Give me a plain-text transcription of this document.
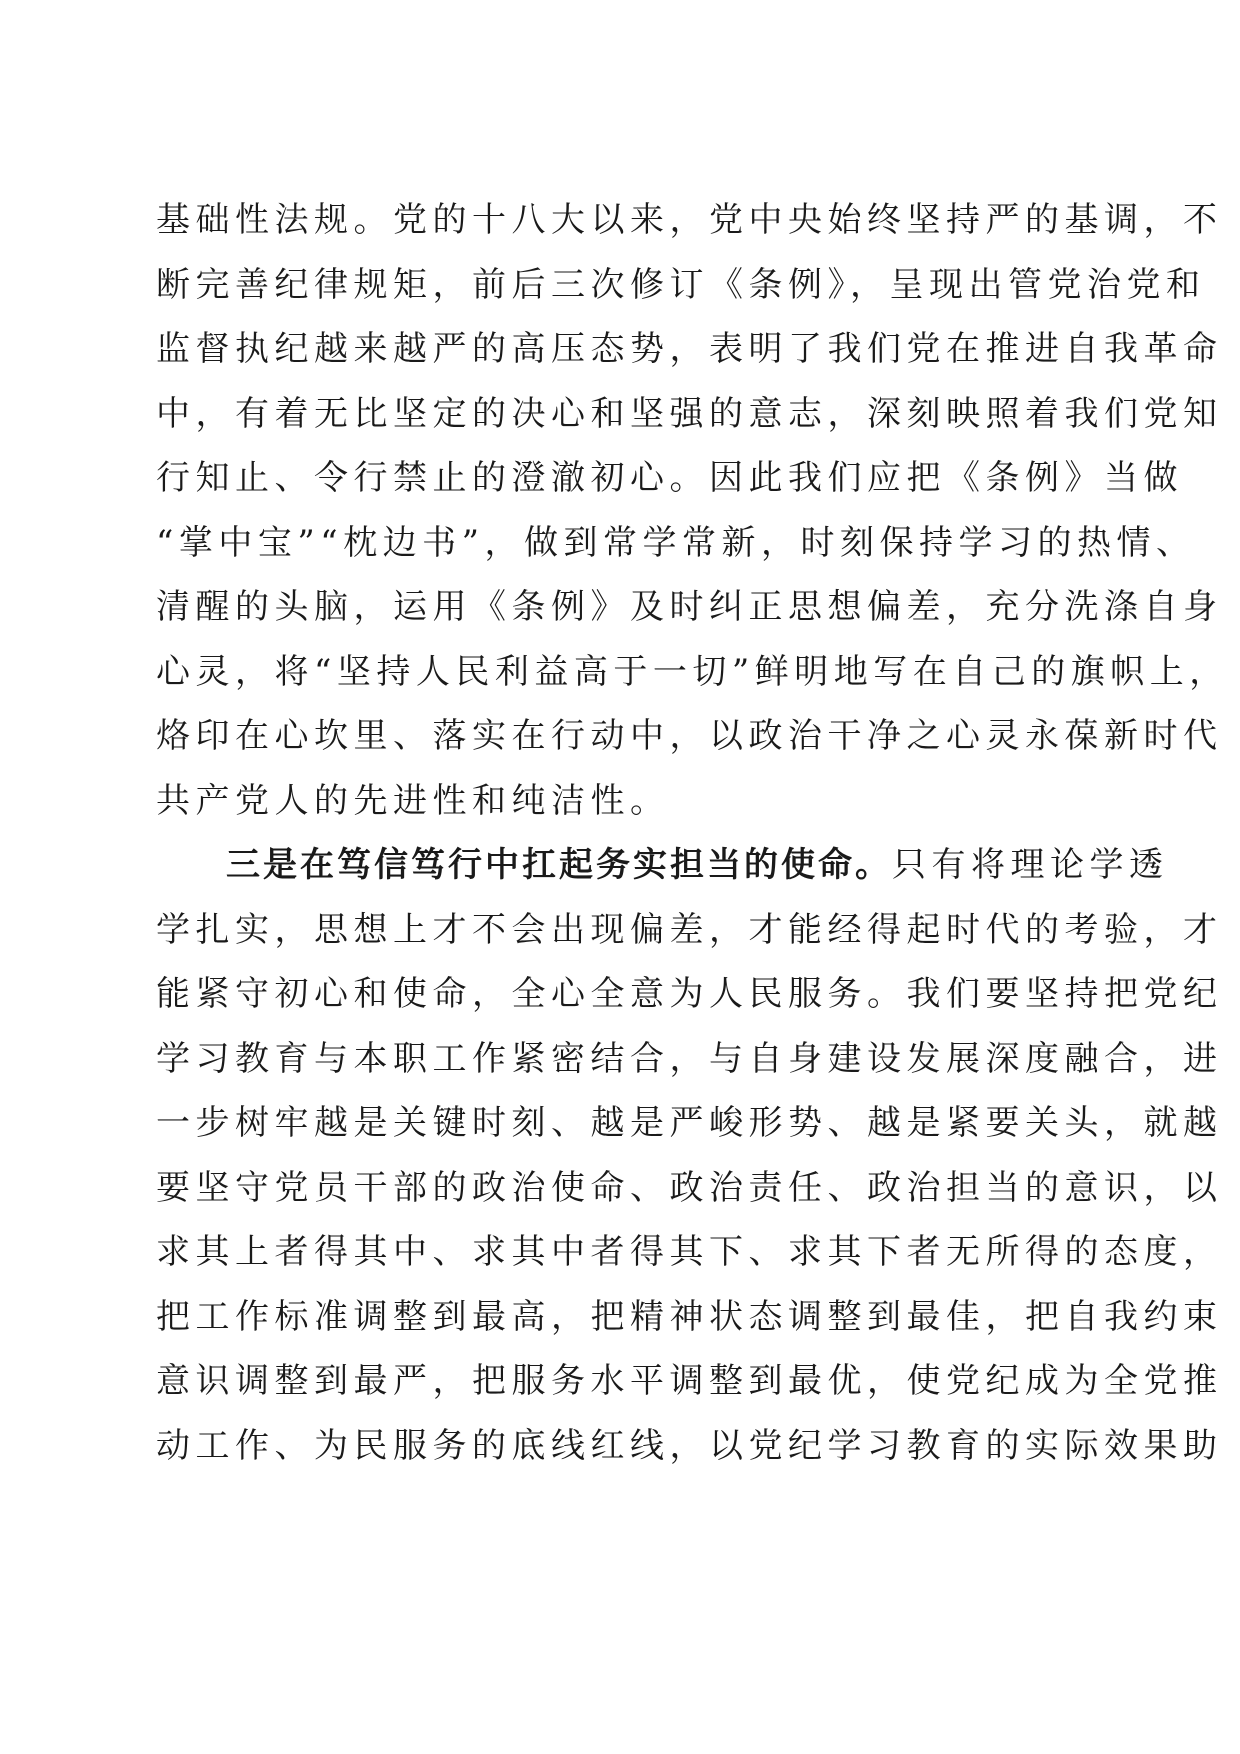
基础性法规。党的十八大以来，党中央始终坚持严的基调，不
断完善纪律规矩，前后三次修订《条例》，呈现出管党治党和
监督执纪越来越严的高压态势，表明了我们党在推进自我革命
中，有着无比坚定的决心和坚强的意志，深刻映照着我们党知
行知止、令行禁止的澄澈初心。因此我们应把《条例》当做
“掌中宝”“枕边书”，做到常学常新，时刻保持学习的热情、
清醒的头脑，运用《条例》及时纠正思想偏差，充分洗涤自身
心灵，将“坚持人民利益高于一切”鲜明地写在自己的旗帜上，
烙印在心坎里、落实在行动中，以政治干净之心灵永葆新时代
共产党人的先进性和纯洁性。
三是在笃信笃行中扛起务实担当的使命。只有将理论学透
学扎实，思想上才不会出现偏差，才能经得起时代的考验，才
能紧守初心和使命，全心全意为人民服务。我们要坚持把党纪
学习教育与本职工作紧密结合，与自身建设发展深度融合，进
一步树牢越是关键时刻、越是严峻形势、越是紧要关头，就越
要坚守党员干部的政治使命、政治责任、政治担当的意识，以
求其上者得其中、求其中者得其下、求其下者无所得的态度，
把工作标准调整到最高，把精神状态调整到最佳，把自我约束
意识调整到最严，把服务水平调整到最优，使党纪成为全党推
动工作、为民服务的底线红线，以党纪学习教育的实际效果助
